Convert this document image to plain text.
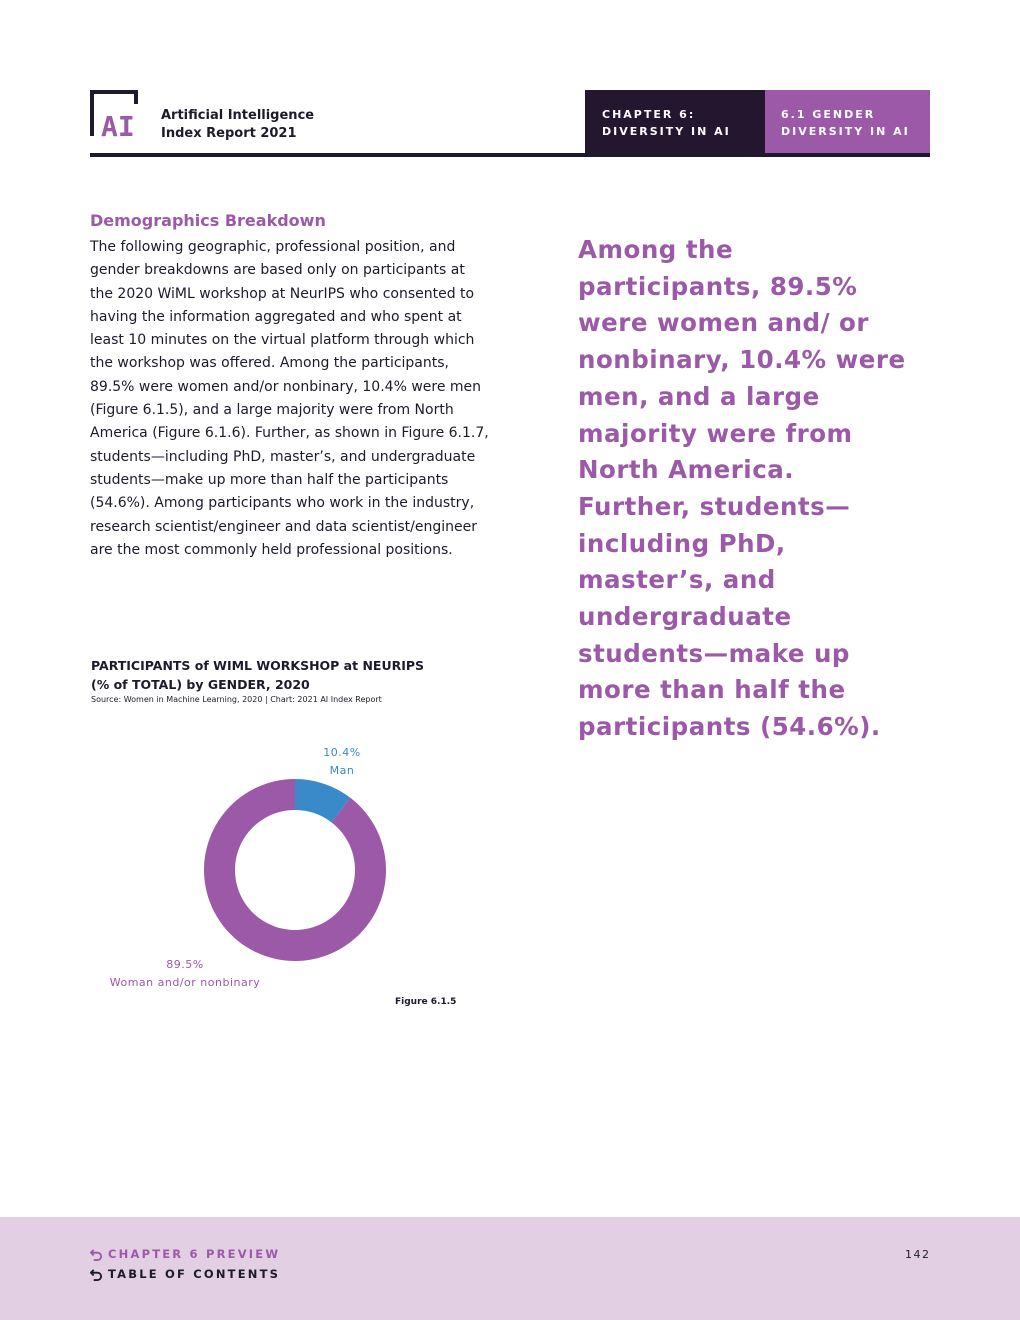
AI Artificial Intelligence
Index Report 2021
CHAPTER 6:
DIVERSITY IN AI
6.1 GENDER
DIVERSITY IN AI
Demographics Breakdown
The following geographic, professional position, and gender breakdowns are based only on participants at the 2020 WiML workshop at NeurIPS who consented to having the information aggregated and who spent at least 10 minutes on the virtual platform through which the workshop was offered. Among the participants, 89.5% were women and/or nonbinary, 10.4% were men (Figure 6.1.5), and a large majority were from North America (Figure 6.1.6). Further, as shown in Figure 6.1.7, students—including PhD, master’s, and undergraduate students—make up more than half the participants (54.6%). Among participants who work in the industry, research scientist/engineer and data scientist/engineer are the most commonly held professional positions.
Among the participants, 89.5% were women and/ or nonbinary, 10.4% were men, and a large majority were from North America. Further, students—including PhD, master’s, and undergraduate students—make up more than half the participants (54.6%).
PARTICIPANTS of WIML WORKSHOP at NEURIPS
(% of TOTAL) by GENDER, 2020
Source: Women in Machine Learning, 2020 | Chart: 2021 AI Index Report
10.4%
Man
89.5%
Woman and/or nonbinary
Figure 6.1.5
CHAPTER 6 PREVIEW
TABLE OF CONTENTS
142
